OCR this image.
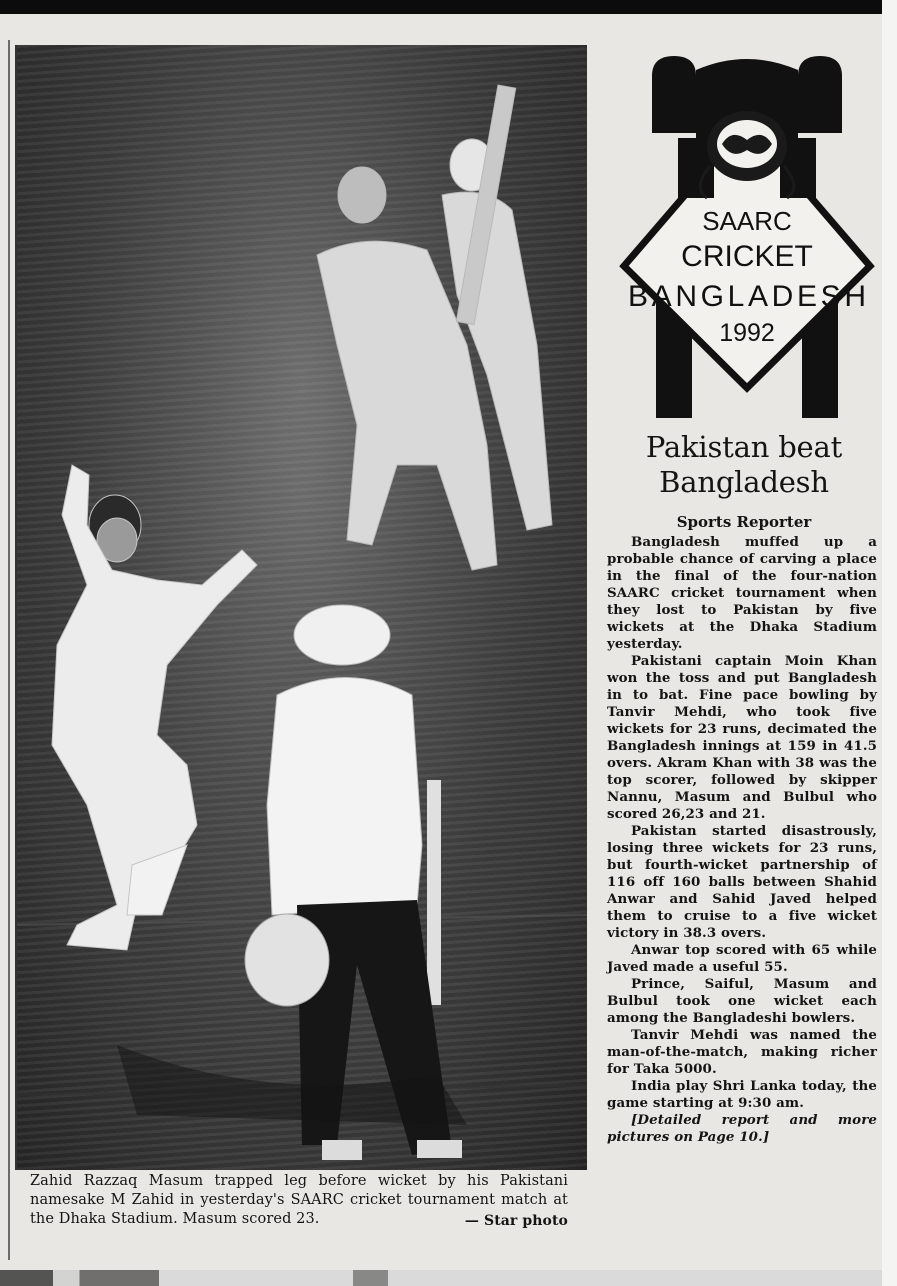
Zahid Razzaq Masum trapped leg before wicket by his Pakistani namesake M Zahid in yesterday's SAARC cricket tournament match at the Dhaka Stadium. Masum scored 23.	— Star photo
SAARC
CRICKET
BANGLADESH
1992
Pakistan beat Bangladesh
Sports Reporter

Bangladesh muffed up a probable chance of carving a place in the final of the four-nation SAARC cricket tournament when they lost to Pakistan by five wickets at the Dhaka Stadium yesterday.

Pakistani captain Moin Khan won the toss and put Bangladesh in to bat. Fine pace bowling by Tanvir Mehdi, who took five wickets for 23 runs, decimated the Bangladesh innings at 159 in 41.5 overs. Akram Khan with 38 was the top scorer, followed by skipper Nannu, Masum and Bulbul who scored 26,23 and 21.

Pakistan started disastrously, losing three wickets for 23 runs, but fourth-wicket partnership of 116 off 160 balls between Shahid Anwar and Sahid Javed helped them to cruise to a five wicket victory in 38.3 overs.

Anwar top scored with 65 while Javed made a useful 55.

Prince, Saiful, Masum and Bulbul took one wicket each among the Bangladeshi bowlers.

Tanvir Mehdi was named the man-of-the-match, making richer for Taka 5000.

India play Shri Lanka today, the game starting at 9:30 am.

[Detailed report and more pictures on Page 10.]
